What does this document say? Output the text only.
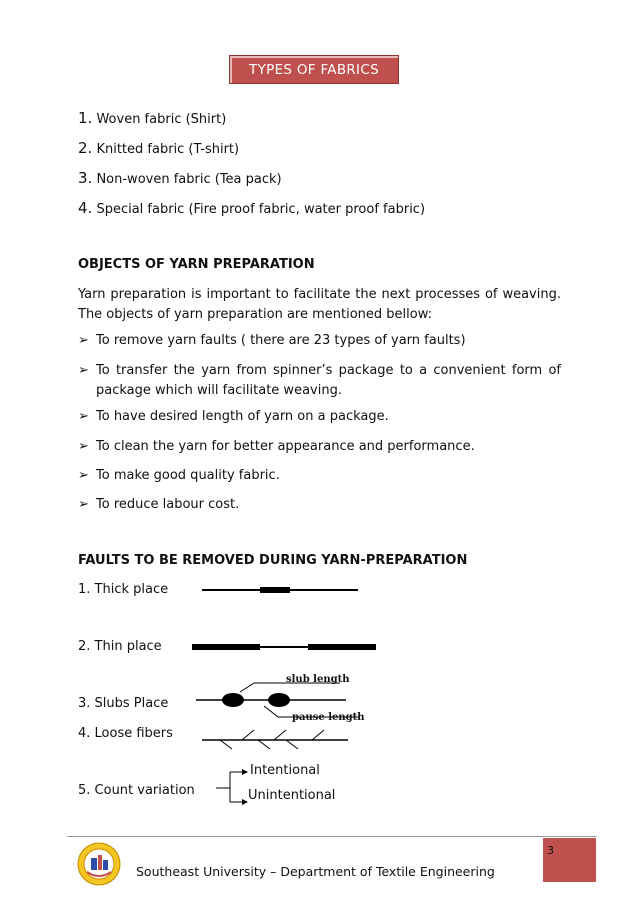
TYPES OF FABRICS
1. Woven fabric (Shirt)
2. Knitted fabric (T-shirt)
3. Non-woven fabric (Tea pack)
4. Special fabric (Fire proof fabric, water proof fabric)
OBJECTS OF YARN PREPARATION
Yarn preparation is important to facilitate the next processes of weaving. The objects of yarn preparation are mentioned bellow:
➢ To remove yarn faults ( there are 23 types of yarn faults)
➢ To transfer the yarn from spinner’s package to a convenient form of package which will facilitate weaving.
➢ To have desired length of yarn on a package.
➢ To clean the yarn for better appearance and performance.
➢ To make good quality fabric.
➢ To reduce labour cost.
FAULTS TO BE REMOVED DURING YARN-PREPARATION
1. Thick place
2. Thin place
3. Slubs Place
4. Loose fibers
5. Count variation
slub length
pause length
Intentional
Unintentional
3
Southeast University – Department of Textile Engineering
